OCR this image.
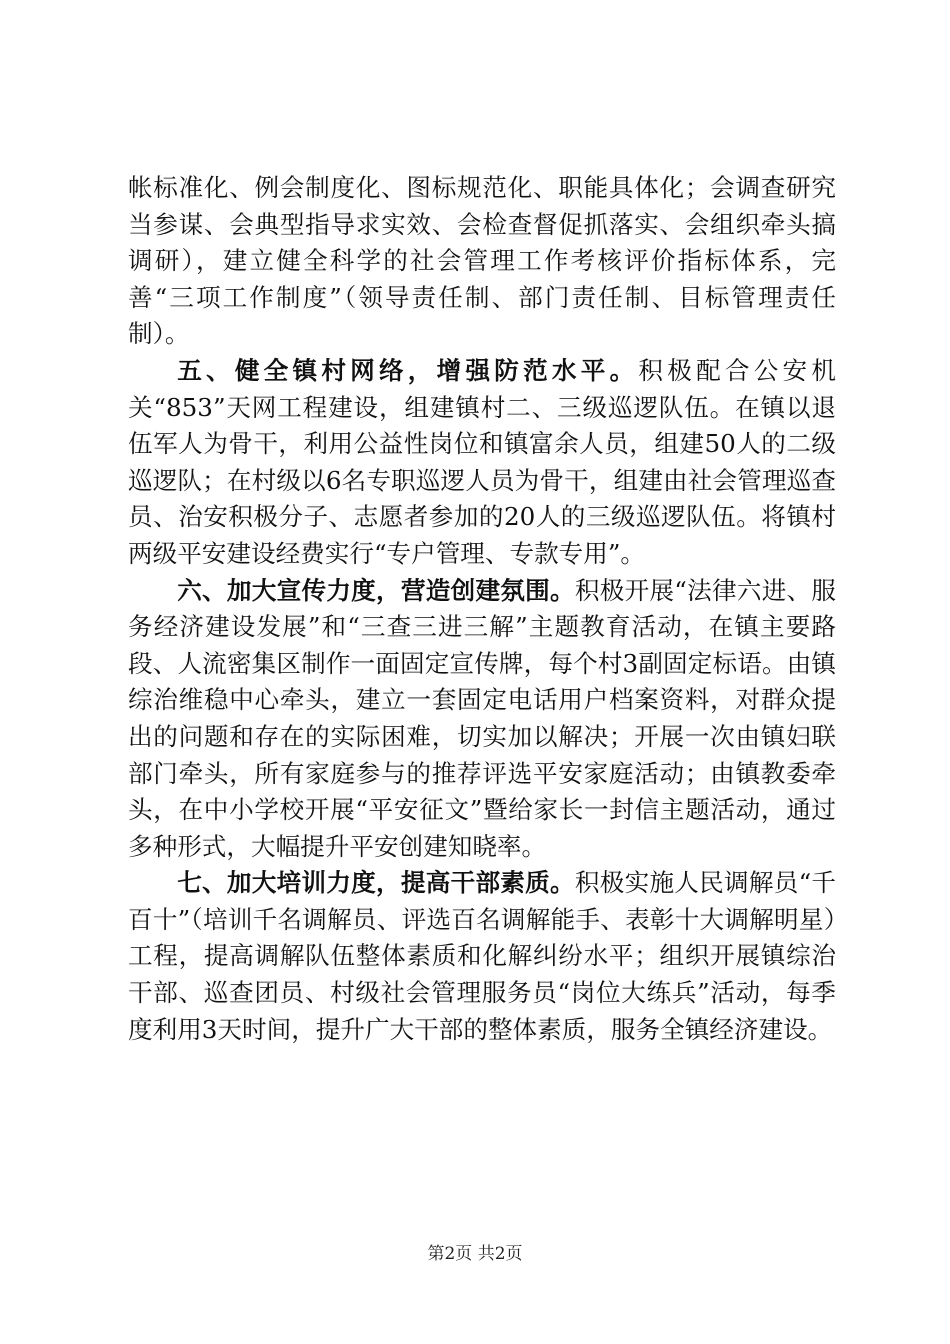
帐标准化、例会制度化、图标规范化、职能具体化；会调查研究当参谋、会典型指导求实效、会检查督促抓落实、会组织牵头搞调研），建立健全科学的社会管理工作考核评价指标体系，完善“三项工作制度”（领导责任制、部门责任制、目标管理责任制）。

五、健全镇村网络，增强防范水平。积极配合公安机关“853”天网工程建设，组建镇村二、三级巡逻队伍。在镇以退伍军人为骨干，利用公益性岗位和镇富余人员，组建50人的二级巡逻队；在村级以6名专职巡逻人员为骨干，组建由社会管理巡查员、治安积极分子、志愿者参加的20人的三级巡逻队伍。将镇村两级平安建设经费实行“专户管理、专款专用”。

六、加大宣传力度，营造创建氛围。积极开展“法律六进、服务经济建设发展”和“三查三进三解”主题教育活动，在镇主要路段、人流密集区制作一面固定宣传牌，每个村3副固定标语。由镇综治维稳中心牵头，建立一套固定电话用户档案资料，对群众提出的问题和存在的实际困难，切实加以解决；开展一次由镇妇联部门牵头，所有家庭参与的推荐评选平安家庭活动；由镇教委牵头，在中小学校开展“平安征文”暨给家长一封信主题活动，通过多种形式，大幅提升平安创建知晓率。

七、加大培训力度，提高干部素质。积极实施人民调解员“千百十”（培训千名调解员、评选百名调解能手、表彰十大调解明星）工程，提高调解队伍整体素质和化解纠纷水平；组织开展镇综治干部、巡查团员、村级社会管理服务员“岗位大练兵”活动，每季度利用3天时间，提升广大干部的整体素质，服务全镇经济建设。

第2页 共2页
